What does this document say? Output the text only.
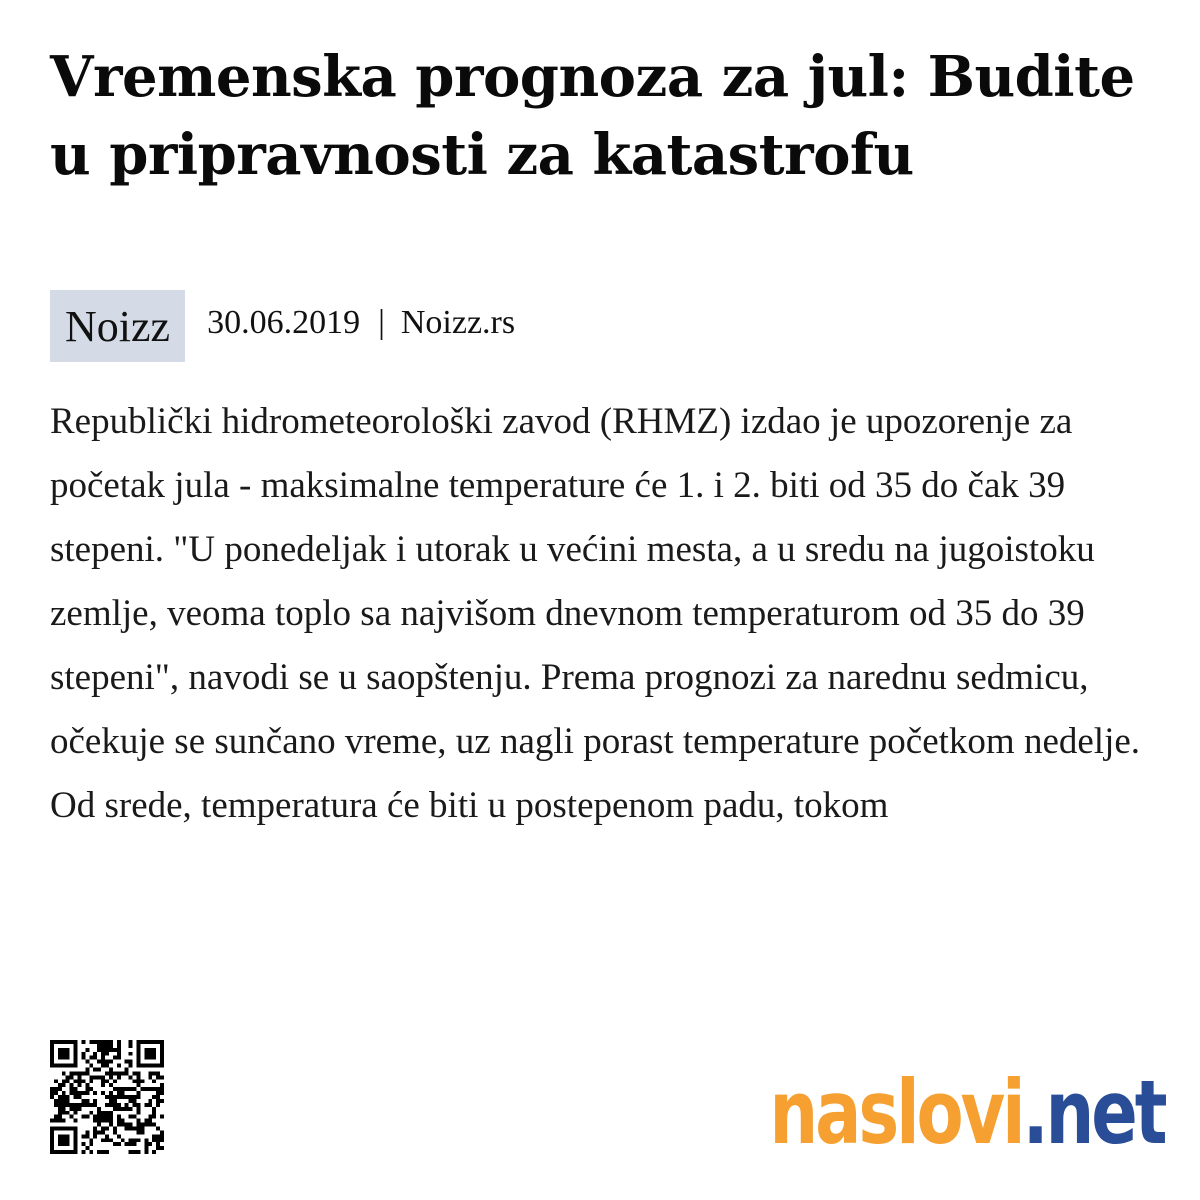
Vremenska prognoza za jul: Budite u pripravnosti za katastrofu
Noizz	30.06.2019 | Noizz.rs

Republički hidrometeorološki zavod (RHMZ) izdao je upozorenje za početak jula - maksimalne temperature će 1. i 2. biti od 35 do čak 39 stepeni. "U ponedeljak i utorak u većini mesta, a u sredu na jugoistoku zemlje, veoma toplo sa najvišom dnevnom temperaturom od 35 do 39 stepeni", navodi se u saopštenju. Prema prognozi za narednu sedmicu, očekuje se sunčano vreme, uz nagli porast temperature početkom nedelje. Od srede, temperatura će biti u postepenom padu, tokom

naslovi.net
